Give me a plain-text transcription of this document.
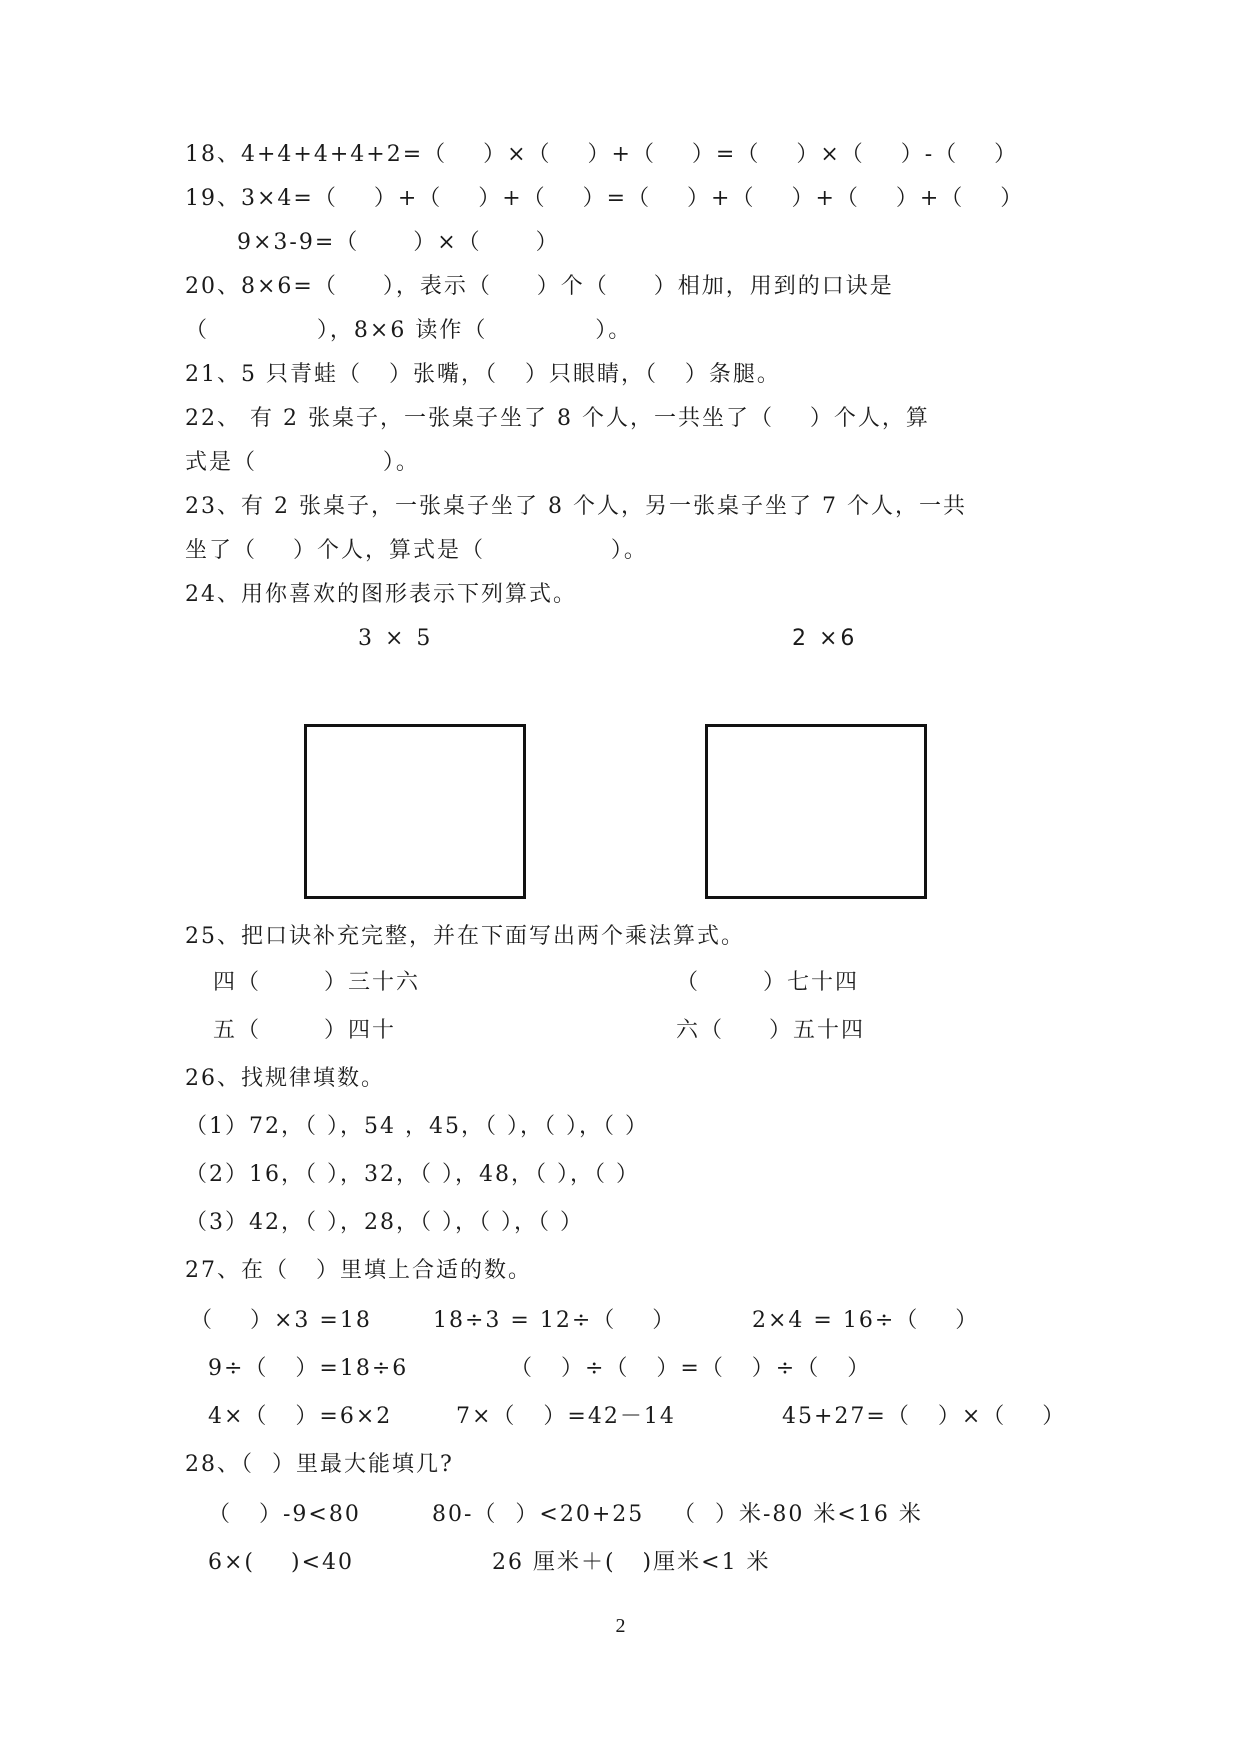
18、4+4+4+4+2=（    ）×（    ）+（    ）=（    ）×（    ）-（    ）
19、3×4=（    ）+（    ）+（    ）=（    ）+（    ）+（    ）+（    ）
9×3-9=（      ）×（      ）
20、8×6=（     ），表示（     ）个（     ）相加，用到的口诀是
（            ），8×6 读作（            ）。
21、5 只青蛙（   ）张嘴，（   ）只眼睛，（   ）条腿。
22、 有 2 张桌子，一张桌子坐了 8 个人，一共坐了（    ）个人，算
式是（              ）。
23、有 2 张桌子，一张桌子坐了 8 个人，另一张桌子坐了 7 个人，一共
坐了（    ）个人，算式是（              ）。
24、用你喜欢的图形表示下列算式。
3 × 5	2 ×6
25、把口诀补充完整，并在下面写出两个乘法算式。
四（       ）三十六	（       ）七十四
五（       ）四十	六（     ）五十四
26、找规律填数。
（1）72，（ ），54 ，45，（ ），（ ），（ ）
（2）16，（ ），32，（ ），48，（ ），（ ）
（3）42，（ ），28，（ ），（ ），（ ）
27、在（   ）里填上合适的数。
（    ）×3 =18	18÷3 = 12÷（    ）	2×4 = 16÷（    ）
9÷（   ）=18÷6	（   ）÷（   ）=（   ）÷（   ）
4×（   ）=6×2	7×（   ）=42－14	45+27=（   ）×（    ）
28、（  ）里最大能填几?
（   ）-9<80	80-（  ）<20+25 （  ）米-80 米<16 米
6×(    )<40	26 厘米＋(   )厘米<1 米
2
